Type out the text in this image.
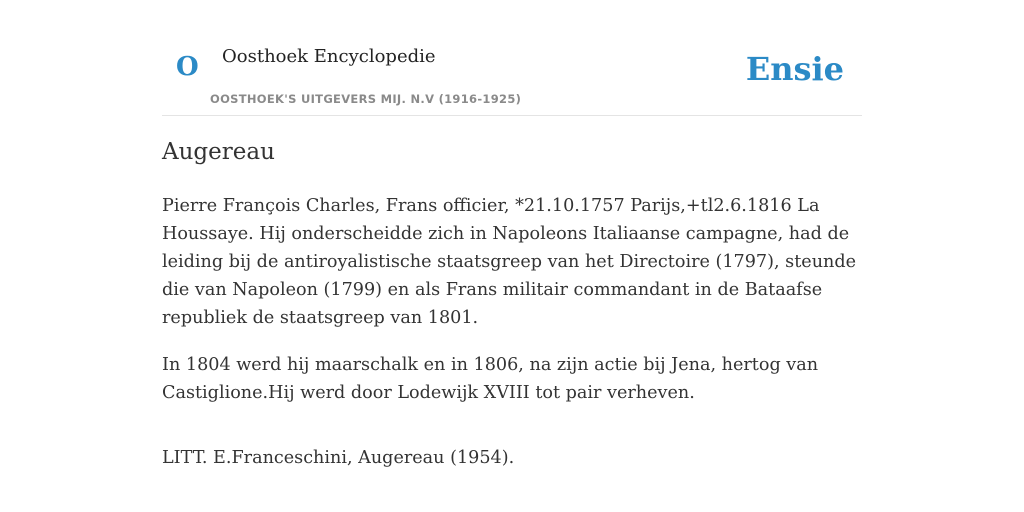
O Oosthoek Encyclopedie
OOSTHOEK'S UITGEVERS MIJ. N.V (1916-1925)
Ensie
Augereau

Pierre François Charles, Frans officier, *21.10.1757 Parijs,+tl2.6.1816 La Houssaye. Hij onderscheidde zich in Napoleons Italiaanse campagne, had de leiding bij de antiroyalistische staatsgreep van het Directoire (1797), steunde die van Napoleon (1799) en als Frans militair commandant in de Bataafse republiek de staatsgreep van 1801.

In 1804 werd hij maarschalk en in 1806, na zijn actie bij Jena, hertog van Castiglione.Hij werd door Lodewijk XVIII tot pair verheven.

LITT. E.Franceschini, Augereau (1954).
